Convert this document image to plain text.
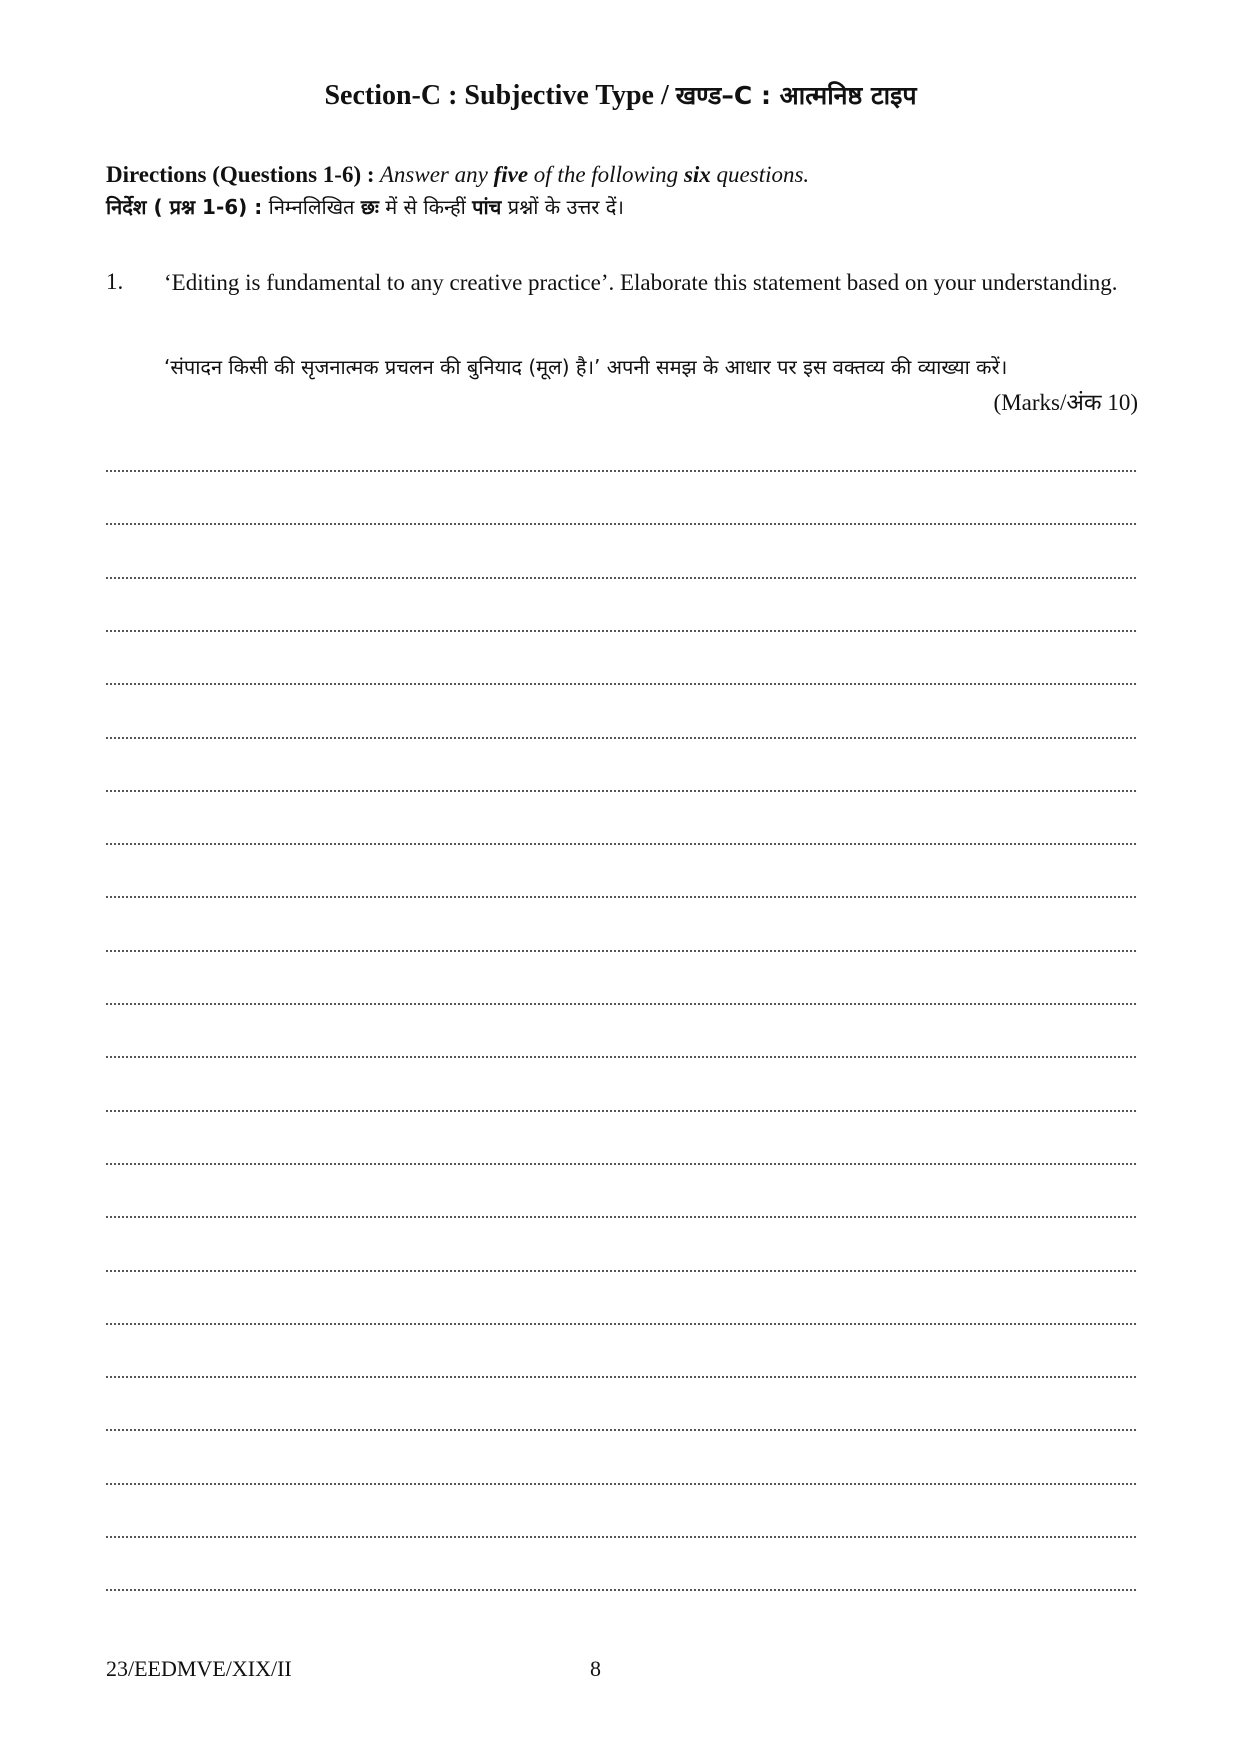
Section-C : Subjective Type / खण्ड–C : आत्मनिष्ठ टाइप
Directions (Questions 1-6) : Answer any five of the following six questions.
निर्देश ( प्रश्न 1-6) : निम्नलिखित छः में से किन्हीं पांच प्रश्नों के उत्तर दें।
1. ‘Editing is fundamental to any creative practice’. Elaborate this statement based on your understanding.
‘संपादन किसी की सृजनात्मक प्रचलन की बुनियाद (मूल) है।’ अपनी समझ के आधार पर इस वक्तव्य की व्याख्या करें।
(Marks/अंक 10)
23/EEDMVE/XIX/II	8
